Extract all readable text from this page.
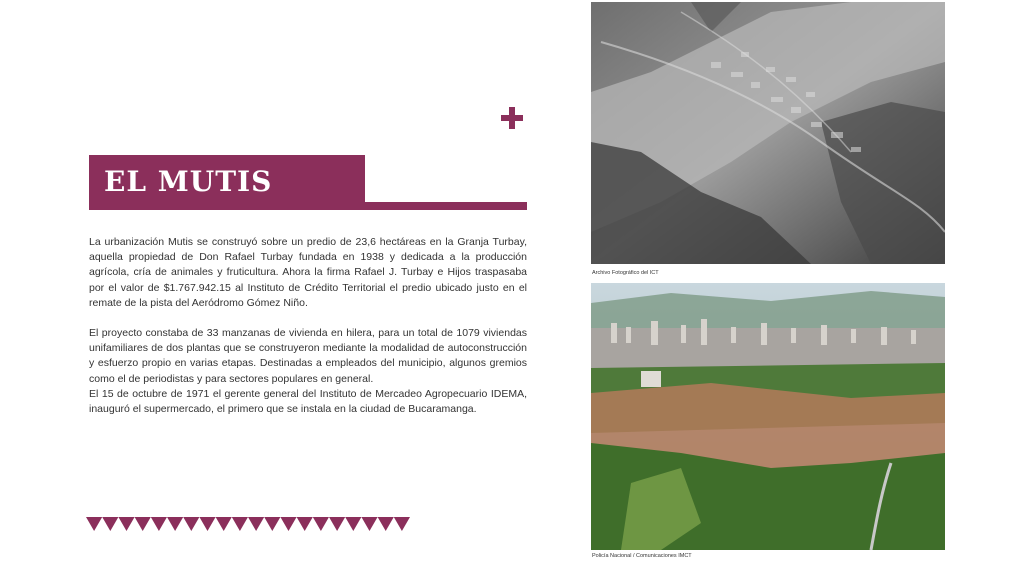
EL MUTIS

La urbanización Mutis se construyó sobre un predio de 23,6 hectáreas en la Granja Turbay, aquella propiedad de Don Rafael Turbay fundada en 1938 y dedicada a la producción agrícola, cría de animales y fruticultura. Ahora la firma Rafael J. Turbay e Hijos traspasaba por el valor de $1.767.942.15 al Instituto de Crédito Territorial el predio ubicado justo en el remate de la pista del Aeródromo Gómez Niño.

El proyecto constaba de 33 manzanas de vivienda en hilera, para un total de 1079 viviendas unifamiliares de dos plantas que se construyeron mediante la modalidad de autoconstrucción y esfuerzo propio en varias etapas. Destinadas a empleados del municipio, algunos gremios como el de periodistas y para sectores populares en general.

El 15 de octubre de 1971 el gerente general del Instituto de Mercadeo Agropecuario IDEMA, inauguró el supermercado, el primero que se instala en la ciudad de Bucaramanga.

Archivo Fotográfico del ICT
Policía Nacional / Comunicaciones IMCT
